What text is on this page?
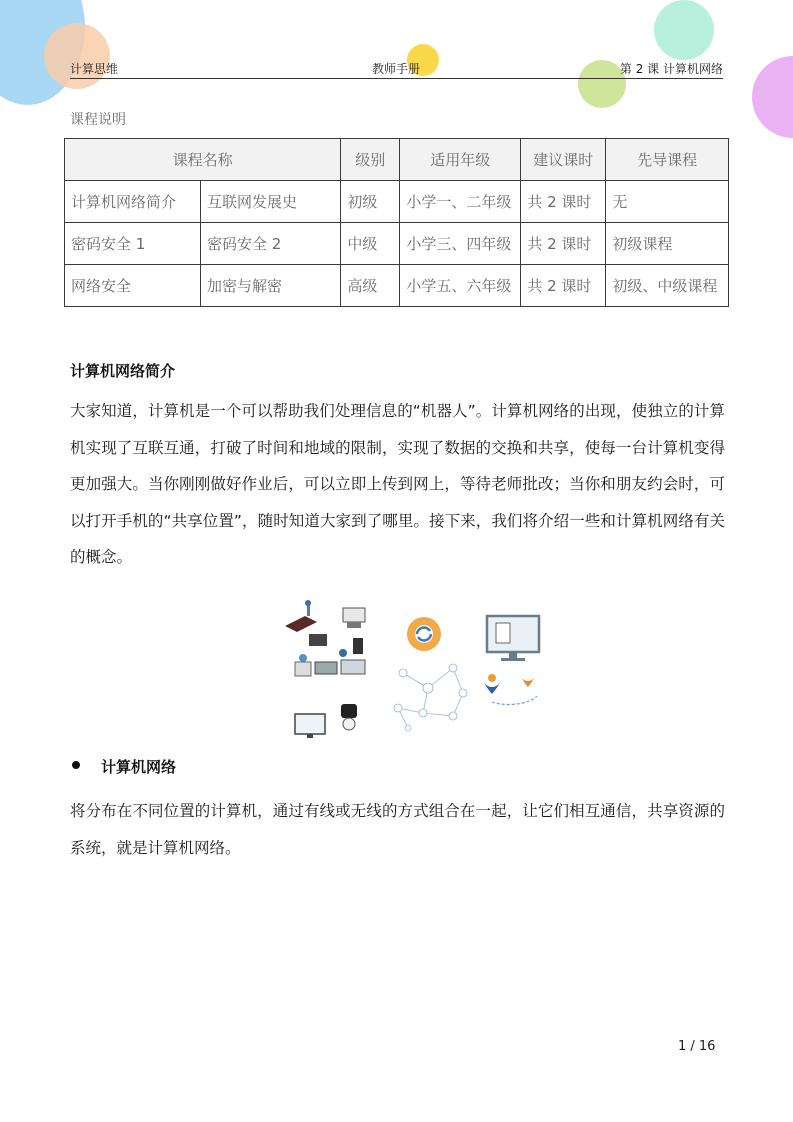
计算思维	教师手册	第 2 课 计算机网络
课程说明
课程名称		级别	适用年级	建议课时	先导课程
计算机网络简介	互联网发展史	初级	小学一、二年级	共 2 课时	无
密码安全 1	密码安全 2	中级	小学三、四年级	共 2 课时	初级课程
网络安全	加密与解密	高级	小学五、六年级	共 2 课时	初级、中级课程
计算机网络简介
大家知道，计算机是一个可以帮助我们处理信息的“机器人”。计算机网络的出现，使独立的计算机实现了互联互通，打破了时间和地域的限制，实现了数据的交换和共享，使每一台计算机变得更加强大。当你刚刚做好作业后，可以立即上传到网上，等待老师批改；当你和朋友约会时，可以打开手机的“共享位置”，随时知道大家到了哪里。接下来，我们将介绍一些和计算机网络有关的概念。
计算机网络
将分布在不同位置的计算机，通过有线或无线的方式组合在一起，让它们相互通信，共享资源的系统，就是计算机网络。
1 / 16
